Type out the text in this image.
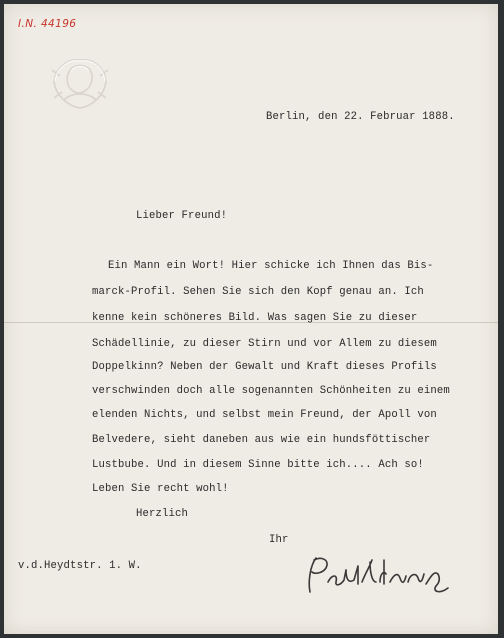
I.N. 44196
Berlin, den 22. Februar 1888.
Lieber Freund!
Ein Mann ein Wort! Hier schicke ich Ihnen das Bis-
marck-Profil. Sehen Sie sich den Kopf genau an. Ich
kenne kein schöneres Bild. Was sagen Sie zu dieser
Schädellinie, zu dieser Stirn und vor Allem zu diesem
Doppelkinn? Neben der Gewalt und Kraft dieses Profils
verschwinden doch alle sogenannten Schönheiten zu einem
elenden Nichts, und selbst mein Freund, der Apoll von
Belvedere, sieht daneben aus wie ein hundsföttischer
Lustbube. Und in diesem Sinne bitte ich.... Ach so!
Leben Sie recht wohl!
Herzlich
Ihr
v.d.Heydtstr. 1. W.
